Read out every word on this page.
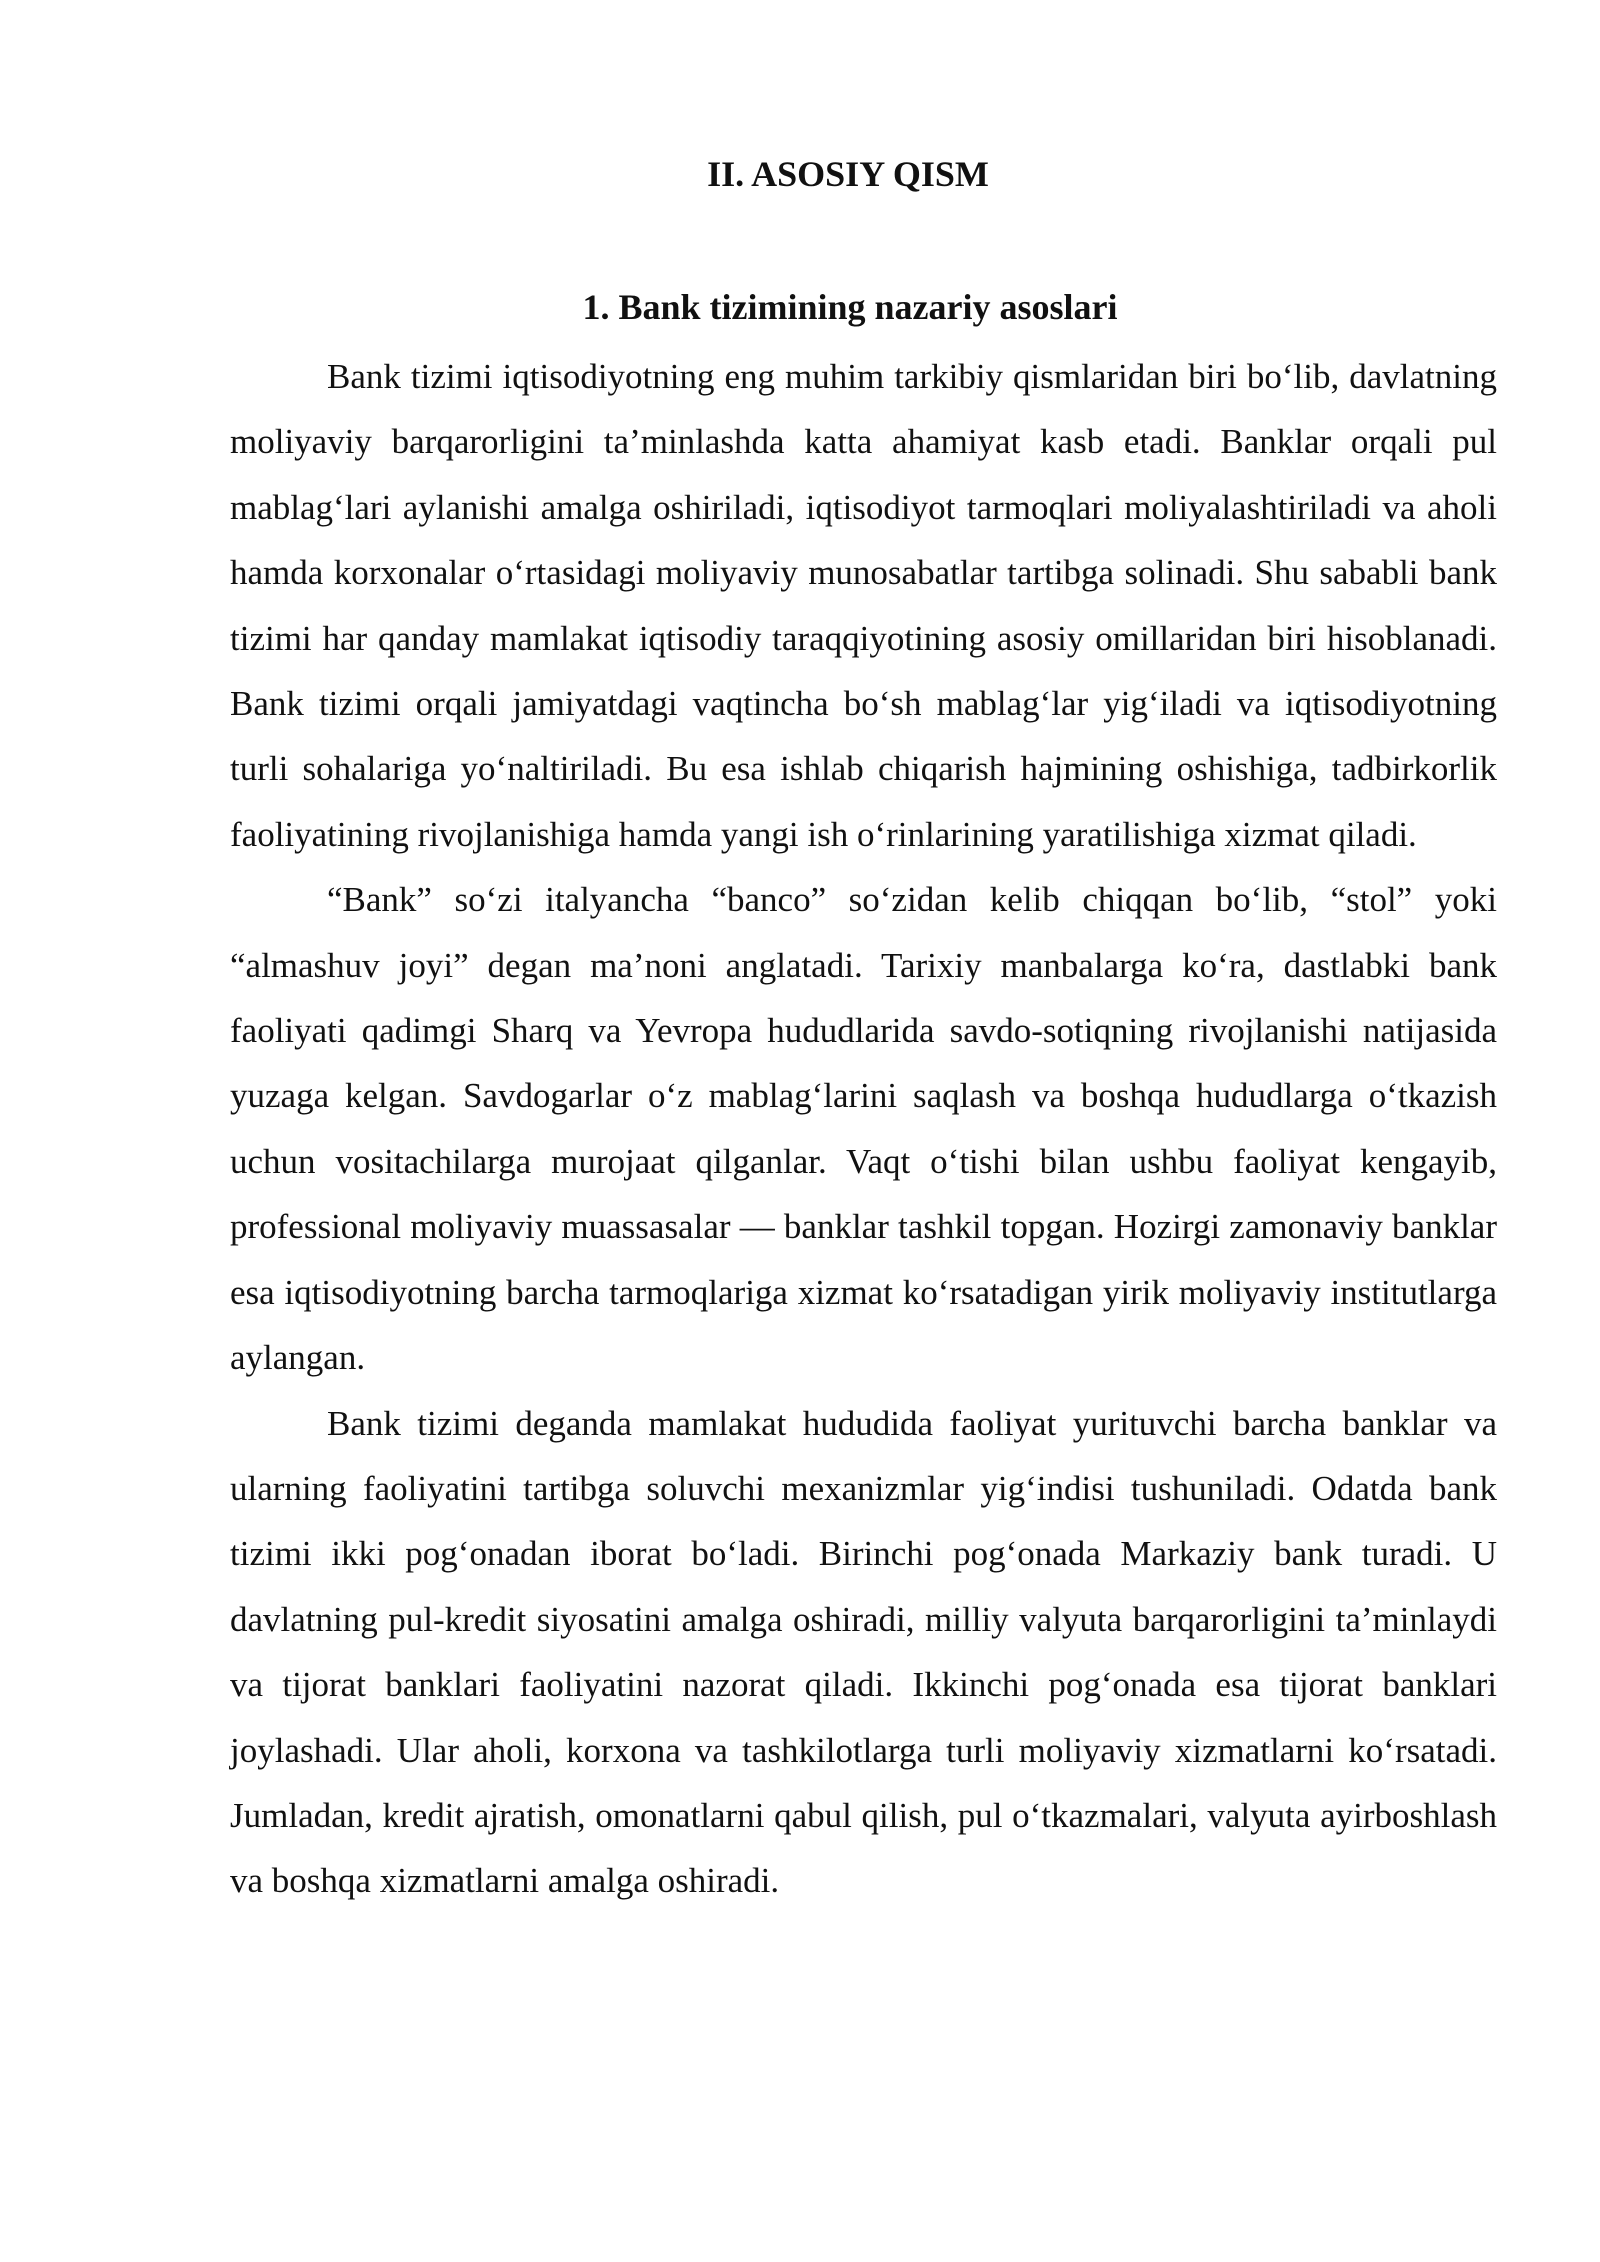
II. ASOSIY QISM
1. Bank tizimining nazariy asoslari

Bank tizimi iqtisodiyotning eng muhim tarkibiy qismlaridan biri bo‘lib, davlatning moliyaviy barqarorligini ta’minlashda katta ahamiyat kasb etadi. Banklar orqali pul mablag‘lari aylanishi amalga oshiriladi, iqtisodiyot tarmoqlari moliyalashtiriladi va aholi hamda korxonalar o‘rtasidagi moliyaviy munosabatlar tartibga solinadi. Shu sababli bank tizimi har qanday mamlakat iqtisodiy taraqqiyotining asosiy omillaridan biri hisoblanadi. Bank tizimi orqali jamiyatdagi vaqtincha bo‘sh mablag‘lar yig‘iladi va iqtisodiyotning turli sohalariga yo‘naltiriladi. Bu esa ishlab chiqarish hajmining oshishiga, tadbirkorlik faoliyatining rivojlanishiga hamda yangi ish o‘rinlarining yaratilishiga xizmat qiladi.

“Bank” so‘zi italyancha “banco” so‘zidan kelib chiqqan bo‘lib, “stol” yoki “almashuv joyi” degan ma’noni anglatadi. Tarixiy manbalarga ko‘ra, dastlabki bank faoliyati qadimgi Sharq va Yevropa hududlarida savdo-sotiqning rivojlanishi natijasida yuzaga kelgan. Savdogarlar o‘z mablag‘larini saqlash va boshqa hududlarga o‘tkazish uchun vositachilarga murojaat qilganlar. Vaqt o‘tishi bilan ushbu faoliyat kengayib, professional moliyaviy muassasalar — banklar tashkil topgan. Hozirgi zamonaviy banklar esa iqtisodiyotning barcha tarmoqlariga xizmat ko‘rsatadigan yirik moliyaviy institutlarga aylangan.

Bank tizimi deganda mamlakat hududida faoliyat yurituvchi barcha banklar va ularning faoliyatini tartibga soluvchi mexanizmlar yig‘indisi tushuniladi. Odatda bank tizimi ikki pog‘onadan iborat bo‘ladi. Birinchi pog‘onada Markaziy bank turadi. U davlatning pul-kredit siyosatini amalga oshiradi, milliy valyuta barqarorligini ta’minlaydi va tijorat banklari faoliyatini nazorat qiladi. Ikkinchi pog‘onada esa tijorat banklari joylashadi. Ular aholi, korxona va tashkilotlarga turli moliyaviy xizmatlarni ko‘rsatadi. Jumladan, kredit ajratish, omonatlarni qabul qilish, pul o‘tkazmalari, valyuta ayirboshlash va boshqa xizmatlarni amalga oshiradi.
